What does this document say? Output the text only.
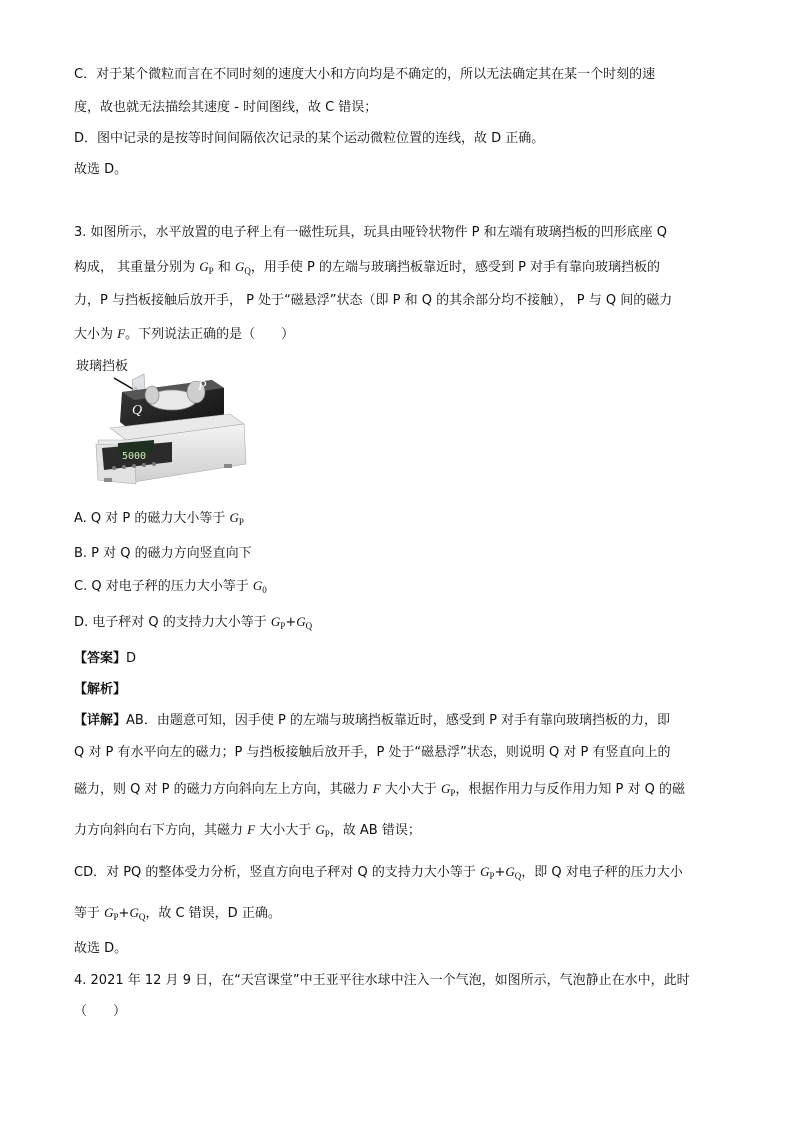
C．对于某个微粒而言在不同时刻的速度大小和方向均是不确定的，所以无法确定其在某一个时刻的速
度，故也就无法描绘其速度 - 时间图线，故 C 错误；
D．图中记录的是按等时间间隔依次记录的某个运动微粒位置的连线，故 D 正确。
故选 D。
3. 如图所示，水平放置的电子秤上有一磁性玩具，玩具由哑铃状物件 P 和左端有玻璃挡板的凹形底座 Q
构成， 其重量分别为 $G_P$ 和 $G_Q$，用手使 P 的左端与玻璃挡板靠近时，感受到 P 对手有靠向玻璃挡板的
力，P 与挡板接触后放开手， P 处于“磁悬浮”状态（即 P 和 Q 的其余部分均不接触）， P 与 Q 间的磁力
大小为 F。下列说法正确的是（　　）
玻璃挡板
P
Q
5000
A. Q 对 P 的磁力大小等于 $G_P$
B. P 对 Q 的磁力方向竖直向下
C. Q 对电子秤的压力大小等于 $G_0$
D. 电子秤对 Q 的支持力大小等于 $G_P+G_Q$
【答案】D
【解析】
【详解】AB．由题意可知，因手使 P 的左端与玻璃挡板靠近时，感受到 P 对手有靠向玻璃挡板的力，即
Q 对 P 有水平向左的磁力；P 与挡板接触后放开手，P 处于“磁悬浮”状态，则说明 Q 对 P 有竖直向上的
磁力，则 Q 对 P 的磁力方向斜向左上方向，其磁力 F 大小大于 $G_P$，根据作用力与反作用力知 P 对 Q 的磁
力方向斜向右下方向，其磁力 F 大小大于 $G_P$，故 AB 错误；
CD．对 PQ 的整体受力分析，竖直方向电子秤对 Q 的支持力大小等于 $G_P+G_Q$，即 Q 对电子秤的压力大小
等于 $G_P+G_Q$，故 C 错误，D 正确。
故选 D。
4. 2021 年 12 月 9 日，在“天宫课堂”中王亚平往水球中注入一个气泡，如图所示，气泡静止在水中，此时
（　　）
